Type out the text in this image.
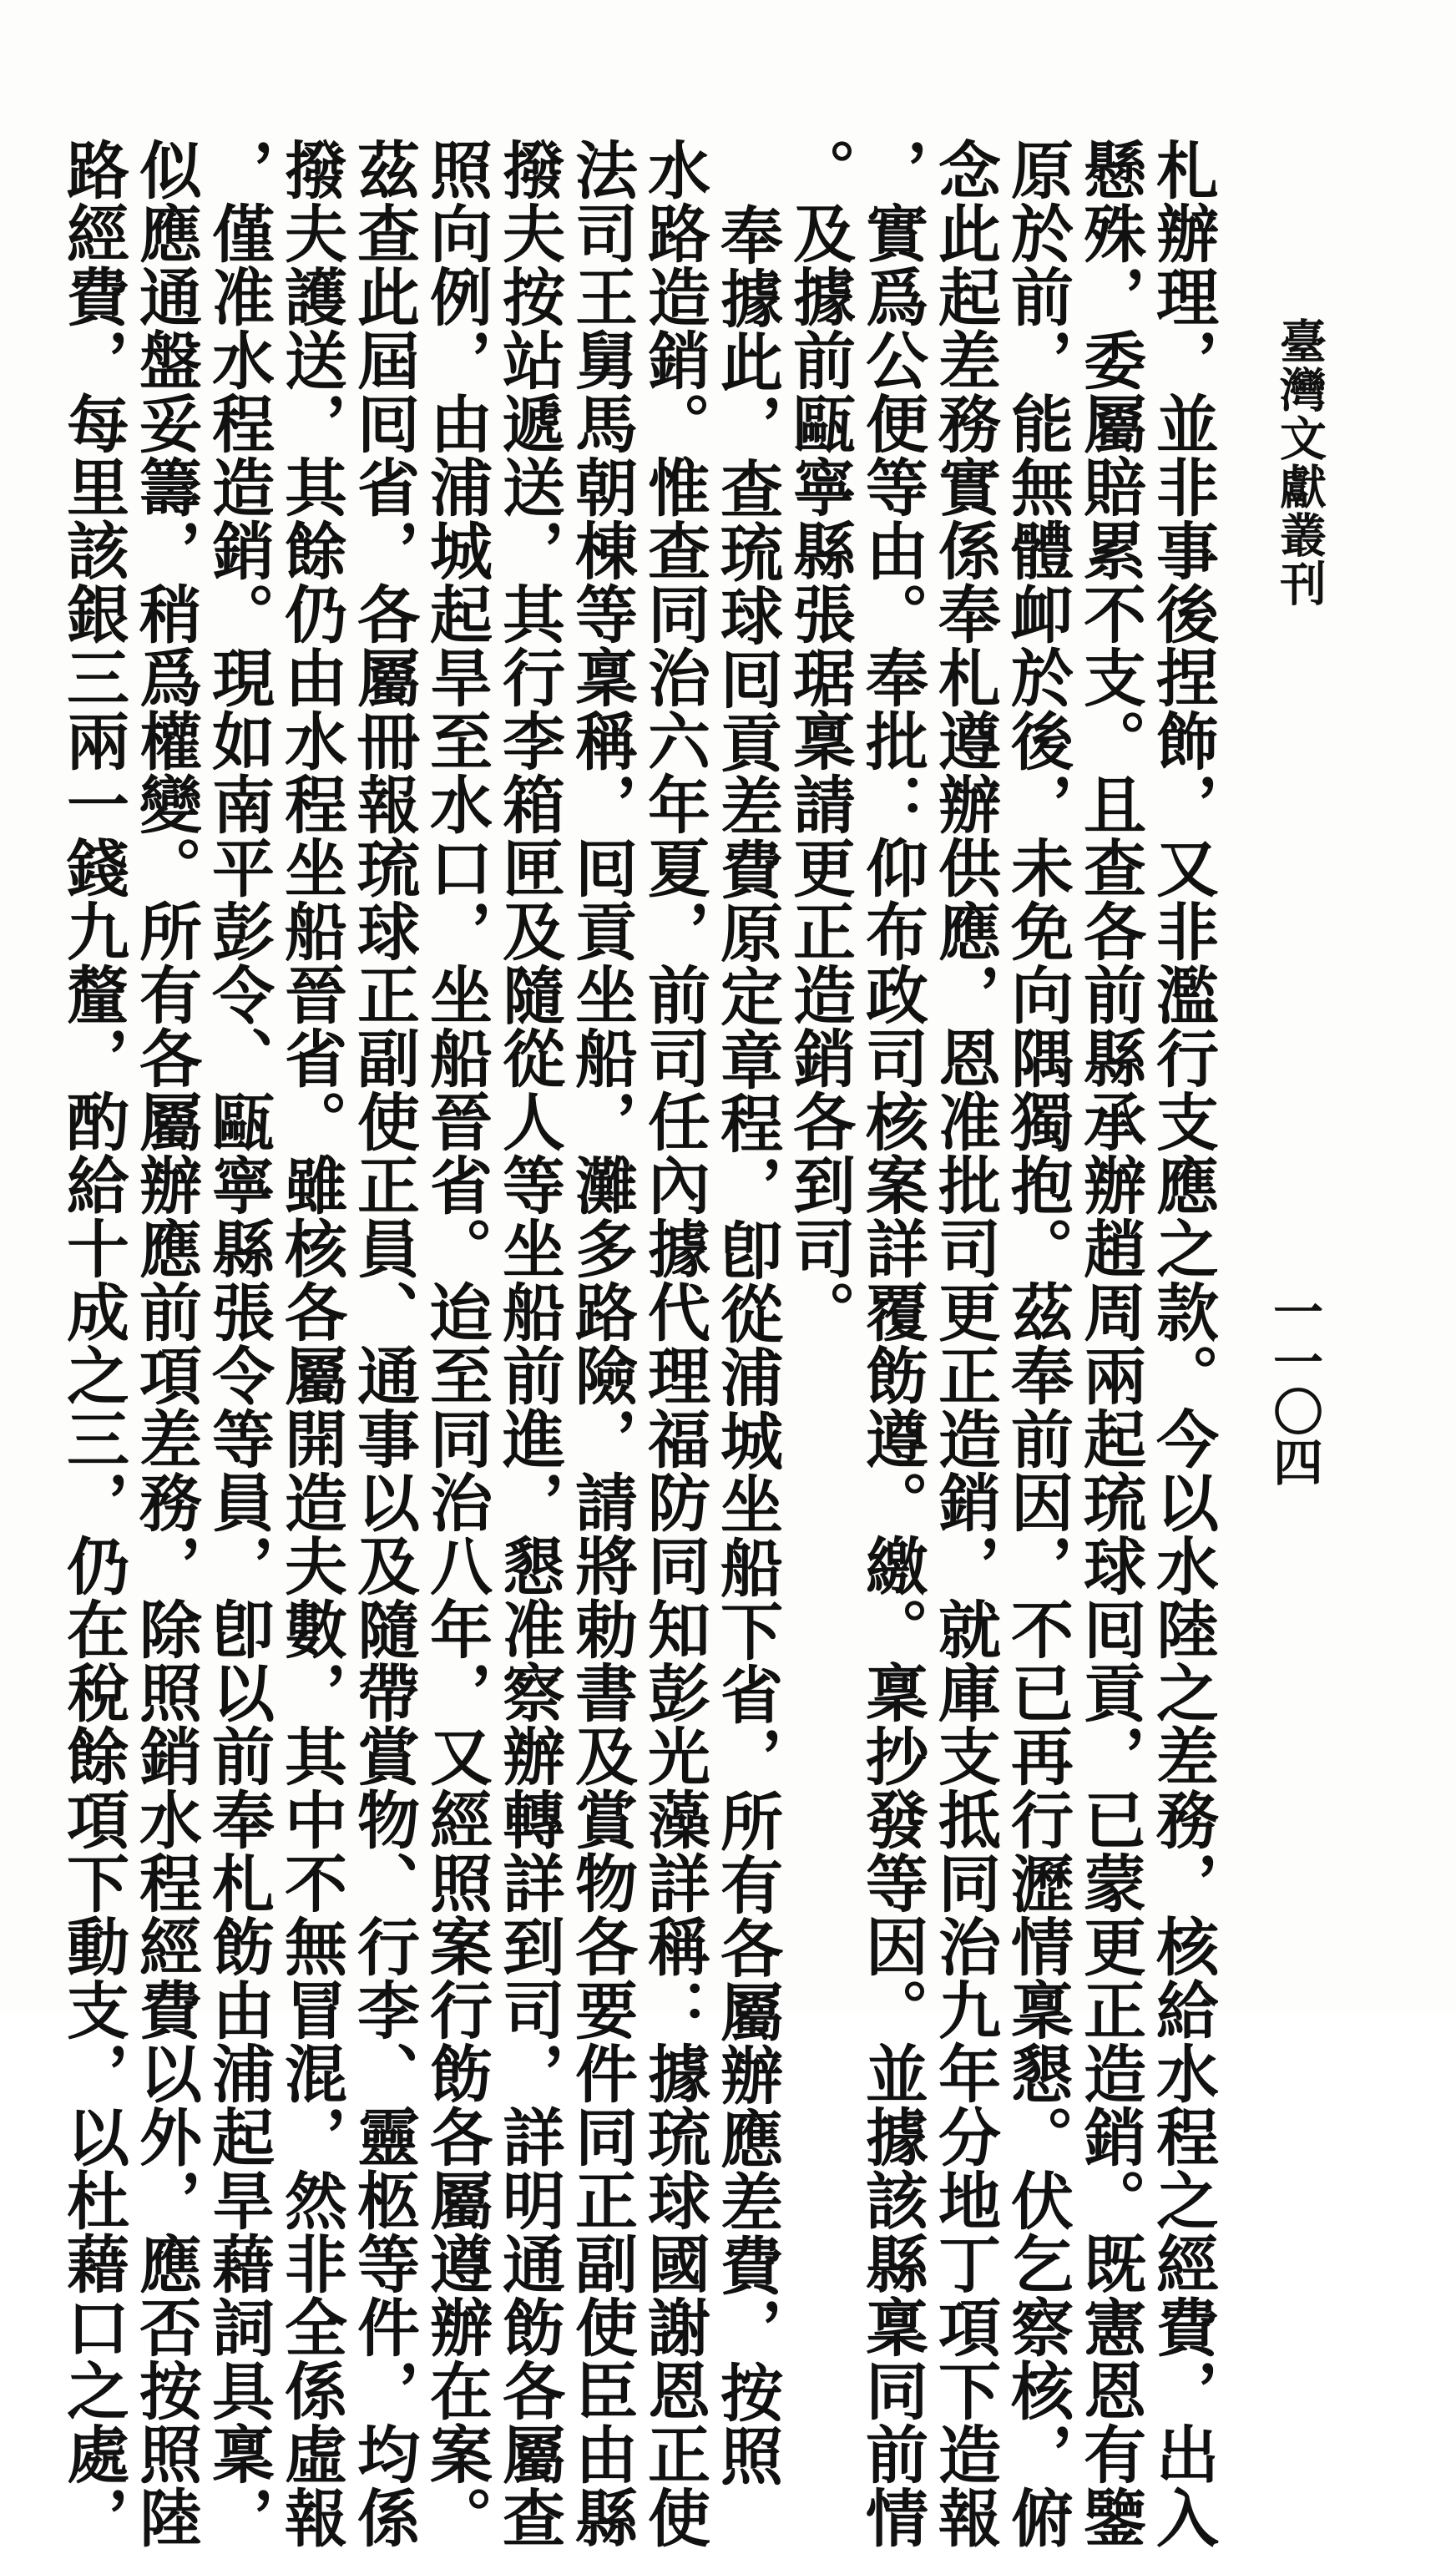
臺灣文獻叢刊
一一〇四
札辦理，並非事後捏飾，又非濫行支應之款。今以水陸之差務，核給水程之經費，出入
懸殊，委屬賠累不支。且查各前縣承辦趙周兩起琉球囘貢，已蒙更正造銷。既憲恩有鑒
原於前，能無體卹於後，未免向隅獨抱。茲奉前因，不已再行瀝情稟懇。伏乞察核，俯
念此起差務實係奉札遵辦供應，恩准批司更正造銷，就庫支抵同治九年分地丁項下造報
，實爲公便等由。奉批：仰布政司核案詳覆飭遵。繳。稟抄發等因。並據該縣稟同前情
。及據前甌寧縣張琚稟請更正造銷各到司。
奉據此，查琉球囘貢差費原定章程，卽從浦城坐船下省，所有各屬辦應差費，按照
水路造銷。惟查同治六年夏，前司任內據代理福防同知彭光藻詳稱：據琉球國謝恩正使
法司王舅馬朝棟等稟稱，囘貢坐船，灘多路險，請將勅書及賞物各要件同正副使臣由縣
撥夫按站遞送，其行李箱匣及隨從人等坐船前進，懇准察辦轉詳到司，詳明通飭各屬查
照向例，由浦城起旱至水口，坐船晉省。迨至同治八年，又經照案行飭各屬遵辦在案。
茲查此屆囘省，各屬冊報琉球正副使正員、通事以及隨帶賞物、行李、靈柩等件，均係
撥夫護送，其餘仍由水程坐船晉省。雖核各屬開造夫數，其中不無冒混，然非全係虛報
，僅准水程造銷。現如南平彭令、甌寧縣張令等員，卽以前奉札飭由浦起旱藉詞具稟，
似應通盤妥籌，稍爲權變。所有各屬辦應前項差務，除照銷水程經費以外，應否按照陸
路經費，每里該銀三兩一錢九釐，酌給十成之三，仍在稅餘項下動支，以杜藉口之處，
